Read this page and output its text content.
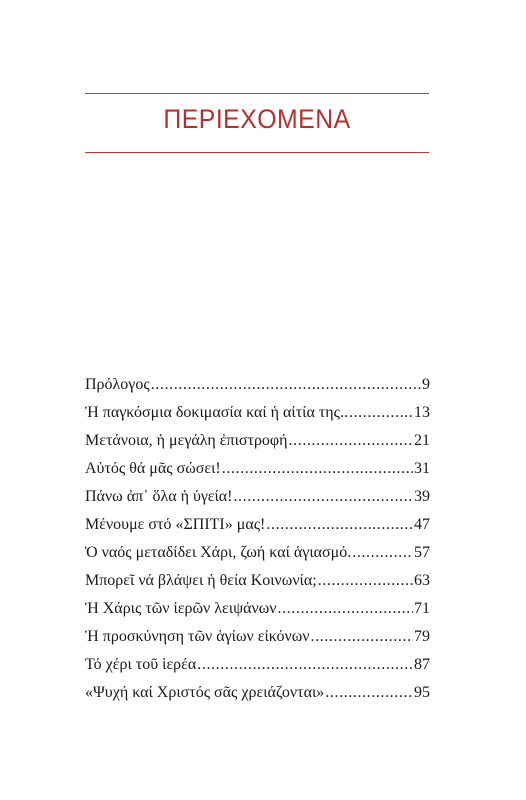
ΠΕΡΙΕΧΟΜΕΝΑ
Πρόλογος .....	9
Ἡ παγκόσμια δοκιμασία καί ἡ αἰτία της.. .....	13
Μετάνοια, ἡ μεγάλη ἐπιστροφή .....	21
Αὐτός θά μᾶς σώσει! .....	31
Πάνω ἀπ᾽ ὅλα ἡ ὑγεία! .....	39
Μένουμε στό «ΣΠΙΤΙ» μας! .....	47
Ὁ ναός μεταδίδει Χάρι, ζωή καί ἁγιασμό. .....	57
Μπορεῖ νά βλάψει ἡ θεία Κοινωνία; .....	63
Ἡ Χάρις τῶν ἱερῶν λειψάνων .....	71
Ἡ προσκύνηση τῶν ἁγίων εἰκόνων .....	79
Τό χέρι τοῦ ἱερέα .....	87
«Ψυχή καί Χριστός σᾶς χρειάζονται» .....	95
